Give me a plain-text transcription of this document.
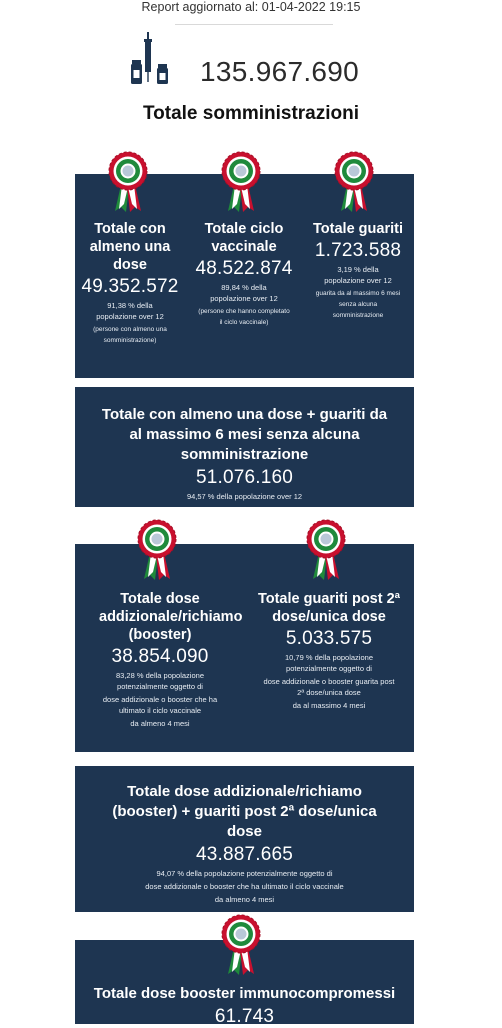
Report aggiornato al: 01-04-2022 19:15
135.967.690
Totale somministrazioni
Totale con almeno una dose
49.352.572
91,38 % della popolazione over 12
(persone con almeno una somministrazione)
Totale ciclo vaccinale
48.522.874
89,84 % della popolazione over 12
(persone che hanno completato il ciclo vaccinale)
Totale guariti
1.723.588
3,19 % della popolazione over 12
guarita da al massimo 6 mesi senza alcuna somministrazione
Totale con almeno una dose + guariti da al massimo 6 mesi senza alcuna somministrazione
51.076.160
94,57 % della popolazione over 12
Totale dose addizionale/richiamo (booster)
38.854.090
83,28 % della popolazione potenzialmente oggetto di
dose addizionale o booster che ha ultimato il ciclo vaccinale
da almeno 4 mesi
Totale guariti post 2ª dose/unica dose
5.033.575
10,79 % della popolazione potenzialmente oggetto di
dose addizionale o booster guarita post 2ª dose/unica dose
da al massimo 4 mesi
Totale dose addizionale/richiamo (booster) + guariti post 2ª dose/unica dose
43.887.665
94,07 % della popolazione potenzialmente oggetto di
dose addizionale o booster che ha ultimato il ciclo vaccinale
da almeno 4 mesi
Totale dose booster immunocompromessi
61.743
